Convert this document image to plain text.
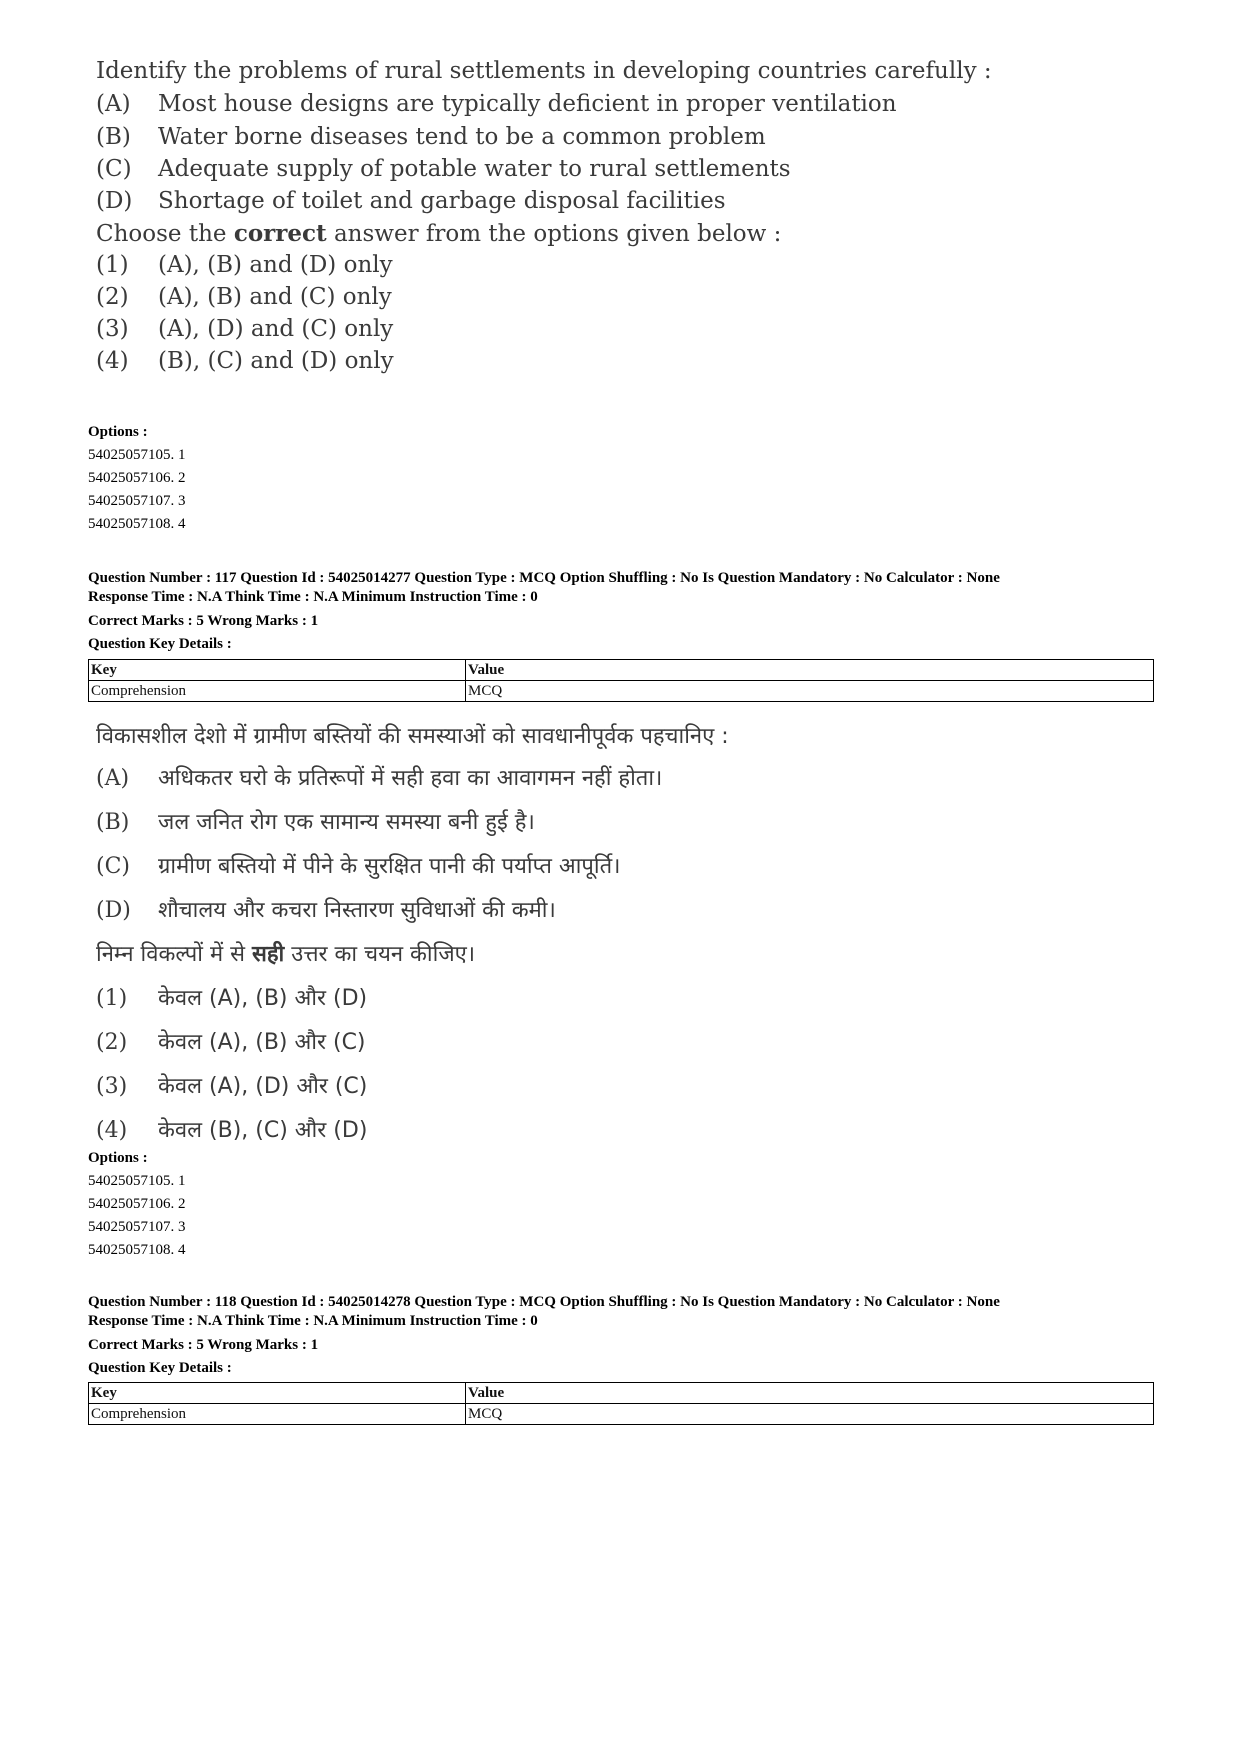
Identify the problems of rural settlements in developing countries carefully :
(A) Most house designs are typically deficient in proper ventilation
(B) Water borne diseases tend to be a common problem
(C) Adequate supply of potable water to rural settlements
(D) Shortage of toilet and garbage disposal facilities
Choose the correct answer from the options given below :
(1) (A), (B) and (D) only
(2) (A), (B) and (C) only
(3) (A), (D) and (C) only
(4) (B), (C) and (D) only
Options :
54025057105. 1
54025057106. 2
54025057107. 3
54025057108. 4
Question Number : 117 Question Id : 54025014277 Question Type : MCQ Option Shuffling : No Is Question Mandatory : No Calculator : None
Response Time : N.A Think Time : N.A Minimum Instruction Time : 0
Correct Marks : 5 Wrong Marks : 1
Question Key Details :
Key	Value
Comprehension	MCQ
विकासशील देशो में ग्रामीण बस्तियों की समस्याओं को सावधानीपूर्वक पहचानिए :
(A) अधिकतर घरो के प्रतिरूपों में सही हवा का आवागमन नहीं होता।
(B) जल जनित रोग एक सामान्य समस्या बनी हुई है।
(C) ग्रामीण बस्तियो में पीने के सुरक्षित पानी की पर्याप्त आपूर्ति।
(D) शौचालय और कचरा निस्तारण सुविधाओं की कमी।
निम्न विकल्पों में से सही उत्तर का चयन कीजिए।
(1) केवल (A), (B) और (D)
(2) केवल (A), (B) और (C)
(3) केवल (A), (D) और (C)
(4) केवल (B), (C) और (D)
Options :
54025057105. 1
54025057106. 2
54025057107. 3
54025057108. 4
Question Number : 118 Question Id : 54025014278 Question Type : MCQ Option Shuffling : No Is Question Mandatory : No Calculator : None
Response Time : N.A Think Time : N.A Minimum Instruction Time : 0
Correct Marks : 5 Wrong Marks : 1
Question Key Details :
Key	Value
Comprehension	MCQ
